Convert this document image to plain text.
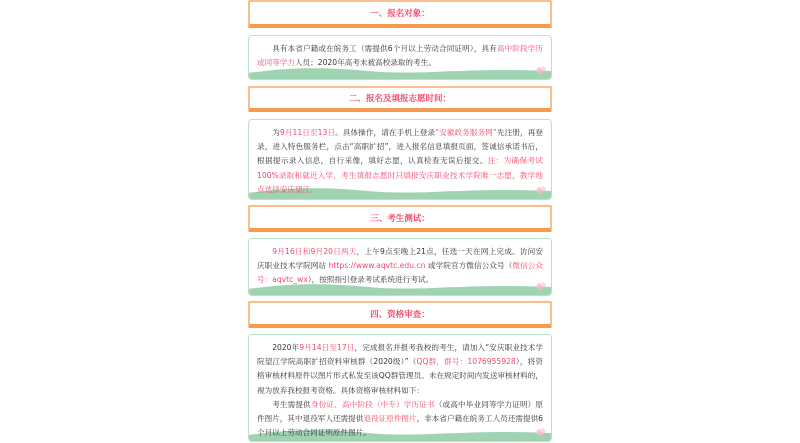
一、报名对象：

具有本省户籍或在皖务工（需提供6个月以上劳动合同证明），具有高中阶段学历或同等学力人员；2020年高考未被高校录取的考生。

二、报名及填报志愿时间：

为9月11日至13日。具体操作，请在手机上登录“安徽政务服务网”先注册，再登录，进入特色服务栏，点击“高职扩招”，进入报名信息填报页面，签诚信承诺书后，根据提示录入信息，自行采像，填好志愿，认真检查无误后提交。注：为确保考试100%录取和就近入学，考生填报志愿时只填报安庆职业技术学院唯一志愿，教学地点选择安庆望江。

三、考生测试：

9月16日和9月20日两天，上午9点至晚上21点，任选一天在网上完成。访问安庆职业技术学院网站 https://www.aqvtc.edu.cn 或学院官方微信公众号（微信公众号：aqvtc_wx），按照指引登录考试系统进行考试。

四、资格审查：

2020年9月14日至17日，完成报名并报考我校的考生，请加入“安庆职业技术学院望江学院高职扩招资料审核群（2020级）”（QQ群，群号：1076955928），将资格审核材料原件以图片形式私发至该QQ群管理员。未在规定时间内发送审核材料的，视为放弃我校报考资格。具体资格审核材料如下：

考生需提供身份证、高中阶段（中专）学历证书（或高中毕业同等学力证明）原件图片，其中退役军人还需提供退役证原件图片，非本省户籍在皖务工人员还需提供6个月以上劳动合同证明原件图片。
